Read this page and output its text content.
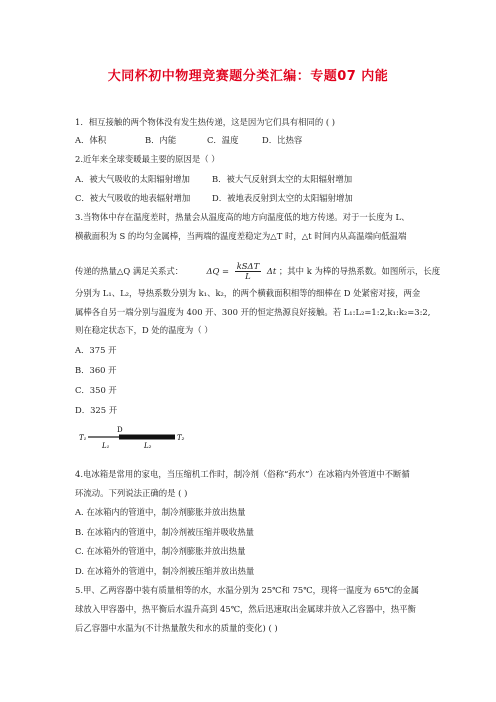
大同杯初中物理竞赛题分类汇编：专题07 内能
1．相互接触的两个物体没有发生热传递，这是因为它们具有相同的 ( )
A．体积	B．内能	C．温度	D．比热容
2.近年来全球变暖最主要的原因是（ ）
A．被大气吸收的太阳辐射增加	B．被大气反射到太空的太阳辐射增加
C．被大气吸收的地表辐射增加	D．被地表反射到太空的太阳辐射增加
3.当物体中存在温度差时，热量会从温度高的地方向温度低的地方传递。对于一长度为 L、
横截面积为 S 的均匀金属棒，当两端的温度差稳定为△T 时，△t 时间内从高温端向低温端
传递的热量△Q 满足关系式：	$\Delta Q = \frac{\text{kSΔT}}{L}$ Δt ；其中 k 为棒的导热系数。如图所示，长度
分别为 L₁、L₂，导热系数分别为 k₁、k₂，的两个横截面积相等的细棒在 D 处紧密对接，两金
属棒各自另一端分别与温度为 400 开、300 开的恒定热源良好接触。若 L₁:L₂=1:2,k₁:k₂=3:2,
则在稳定状态下，D 处的温度为（ ）
A．375 开
B．360 开
C．350 开
D．325 开
T₁
D
L₁	L₂
T₂
4.电冰箱是常用的家电，当压缩机工作时，制冷剂（俗称“药水”）在冰箱内外管道中不断循
环流动。下列说法正确的是 ( )
A. 在冰箱内的管道中，制冷剂膨胀并放出热量
B. 在冰箱内的管道中，制冷剂被压缩并吸收热量
C. 在冰箱外的管道中，制冷剂膨胀并放出热量
D. 在冰箱外的管道中，制冷剂被压缩并放出热量
5.甲、乙两容器中装有质量相等的水，水温分别为 25℃和 75℃，现将一温度为 65℃的金属
球放入甲容器中，热平衡后水温升高到 45℃，然后迅速取出金属球并放入乙容器中，热平衡
后乙容器中水温为(不计热量散失和水的质量的变化) ( )
